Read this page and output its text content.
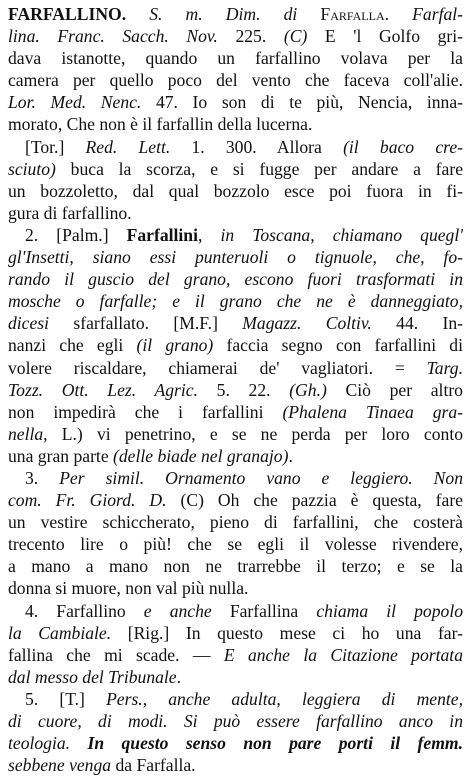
FARFALLINO. S. m. Dim. di Farfalla. Farfal-
lina. Franc. Sacch. Nov. 225. (C) E 'l Golfo gri-
dava istanotte, quando un farfallino volava per la
camera per quello poco del vento che faceva coll'alie.
Lor. Med. Nenc. 47. Io son di te più, Nencia, inna-
morato, Che non è il farfallin della lucerna.
[Tor.] Red. Lett. 1. 300. Allora (il baco cre-
sciuto) buca la scorza, e si fugge per andare a fare
un bozzoletto, dal qual bozzolo esce poi fuora in fi-
gura di farfallino.
2. [Palm.] Farfallini, in Toscana, chiamano quegl'
gl'Insetti, siano essi punteruoli o tignuole, che, fo-
rando il guscio del grano, escono fuori trasformati in
mosche o farfalle; e il grano che ne è danneggiato,
dicesi sfarfallato. [M.F.] Magazz. Coltiv. 44. In-
nanzi che egli (il grano) faccia segno con farfallini di
volere riscaldare, chiamerai de' vagliatori. = Targ.
Tozz. Ott. Lez. Agric. 5. 22. (Gh.) Ciò per altro
non impedirà che i farfallini (Phalena Tinaea gra-
nella, L.) vi penetrino, e se ne perda per loro conto
una gran parte (delle biade nel granajo).
3. Per simil. Ornamento vano e leggiero. Non
com. Fr. Giord. D. (C) Oh che pazzia è questa, fare
un vestire schiccherato, pieno di farfallini, che costerà
trecento lire o più! che se egli il volesse rivendere,
a mano a mano non ne trarrebbe il terzo; e se la
donna si muore, non val più nulla.
4. Farfallino e anche Farfallina chiama il popolo
la Cambiale. [Rig.] In questo mese ci ho una far-
fallina che mi scade. — E anche la Citazione portata
dal messo del Tribunale.
5. [T.] Pers., anche adulta, leggiera di mente,
di cuore, di modi. Si può essere farfallino anco in
teologia. In questo senso non pare porti il femm.
sebbene venga da Farfalla.
